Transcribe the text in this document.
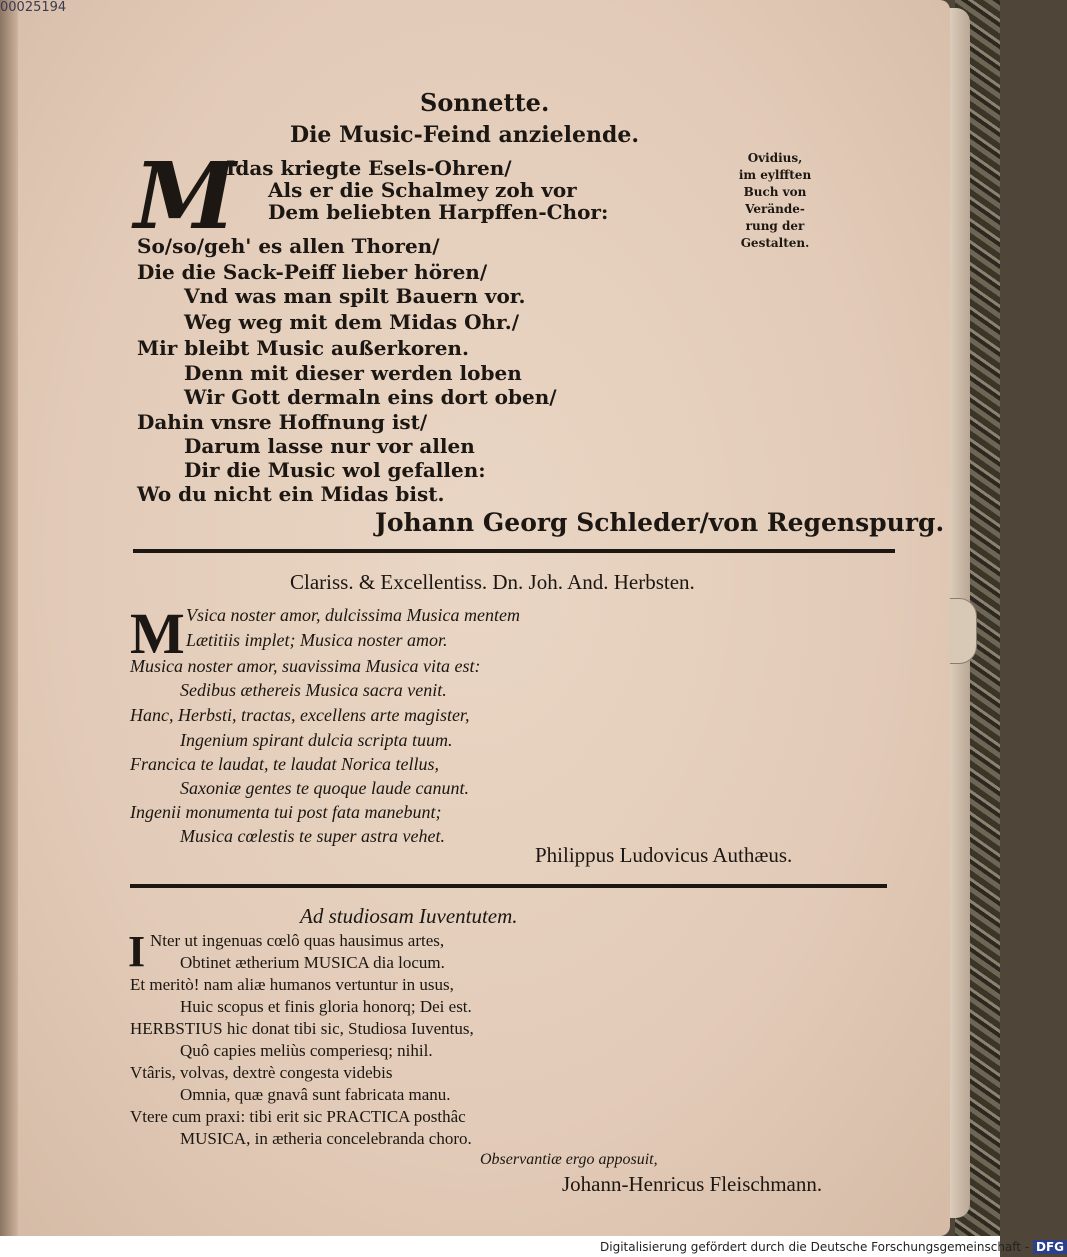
00025194
Sonnette.
Die Music-Feind anzielende.
M
Idas kriegte Esels-Ohren/
Als er die Schalmey zoh vor
Dem beliebten Harpffen-Chor:
So/so/geh' es allen Thoren/
Die die Sack-Peiff lieber hören/
Vnd was man spilt Bauern vor.
Weg weg mit dem Midas Ohr./
Mir bleibt Music außerkoren.
Denn mit dieser werden loben
Wir Gott dermaln eins dort oben/
Dahin vnsre Hoffnung ist/
Darum lasse nur vor allen
Dir die Music wol gefallen:
Wo du nicht ein Midas bist.
Ovidius,
im eylfften
Buch von
Verände-
rung der
Gestalten.
Johann Georg Schleder/von Regenspurg.
Clariss. & Excellentiss. Dn. Joh. And. Herbsten.
M Vsica noster amor, dulcissima Musica mentem
Lætitiis implet; Musica noster amor.
Musica noster amor, suavissima Musica vita est:
Sedibus æthereis Musica sacra venit.
Hanc, Herbsti, tractas, excellens arte magister,
Ingenium spirant dulcia scripta tuum.
Francica te laudat, te laudat Norica tellus,
Saxoniæ gentes te quoque laude canunt.
Ingenii monumenta tui post fata manebunt;
Musica cœlestis te super astra vehet.
Philippus Ludovicus Authæus.
Ad studiosam Iuventutem.
I Nter ut ingenuas cœlô quas hausimus artes,
Obtinet ætherium MUSICA dia locum.
Et meritò! nam aliæ humanos vertuntur in usus,
Huic scopus et finis gloria honorq; Dei est.
HERBSTIUS hic donat tibi sic, Studiosa Iuventus,
Quô capies meliùs comperiesq; nihil.
Vtâris, volvas, dextrè congesta videbis
Omnia, quæ gnavâ sunt fabricata manu.
Vtere cum praxi: tibi erit sic PRACTICA posthâc
MUSICA, in ætheria concelebranda choro.
Observantiæ ergo apposuit,
Johann-Henricus Fleischmann.
Digitalisierung gefördert durch die Deutsche Forschungsgemeinschaft - DFG
